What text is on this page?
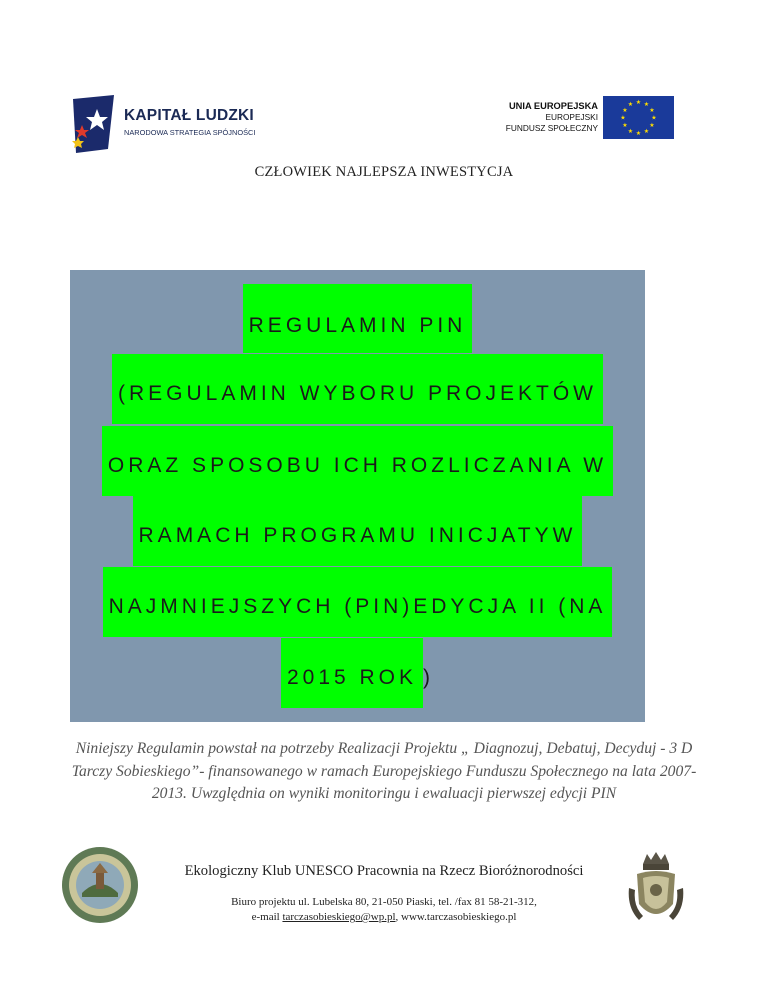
KAPITAŁ LUDZKI
NARODOWA STRATEGIA SPÓJNOŚCI
UNIA EUROPEJSKA
EUROPEJSKI
FUNDUSZ SPOŁECZNY
★ ★
★
★
★
★
★
★
★
★
★
★
CZŁOWIEK NAJLEPSZA INWESTYCJA
REGULAMIN PIN
(REGULAMIN WYBORU PROJEKTÓW
ORAZ SPOSOBU ICH ROZLICZANIA W
RAMACH PROGRAMU INICJATYW
NAJMNIEJSZYCH (PIN)EDYCJA II (NA
2015 ROK )
Niniejszy Regulamin powstał na potrzeby Realizacji Projektu „ Diagnozuj, Debatuj, Decyduj - 3 D Tarczy Sobieskiego”- finansowanego w ramach Europejskiego Funduszu Społecznego na lata 2007-2013. Uwzględnia on wyniki monitoringu i ewaluacji pierwszej edycji PIN
Ekologiczny Klub UNESCO Pracownia na Rzecz Bioróżnorodności
Biuro projektu ul. Lubelska 80, 21-050 Piaski, tel. /fax 81 58-21-312,
e-mail tarczasobieskiego@wp.pl, www.tarczasobieskiego.pl
